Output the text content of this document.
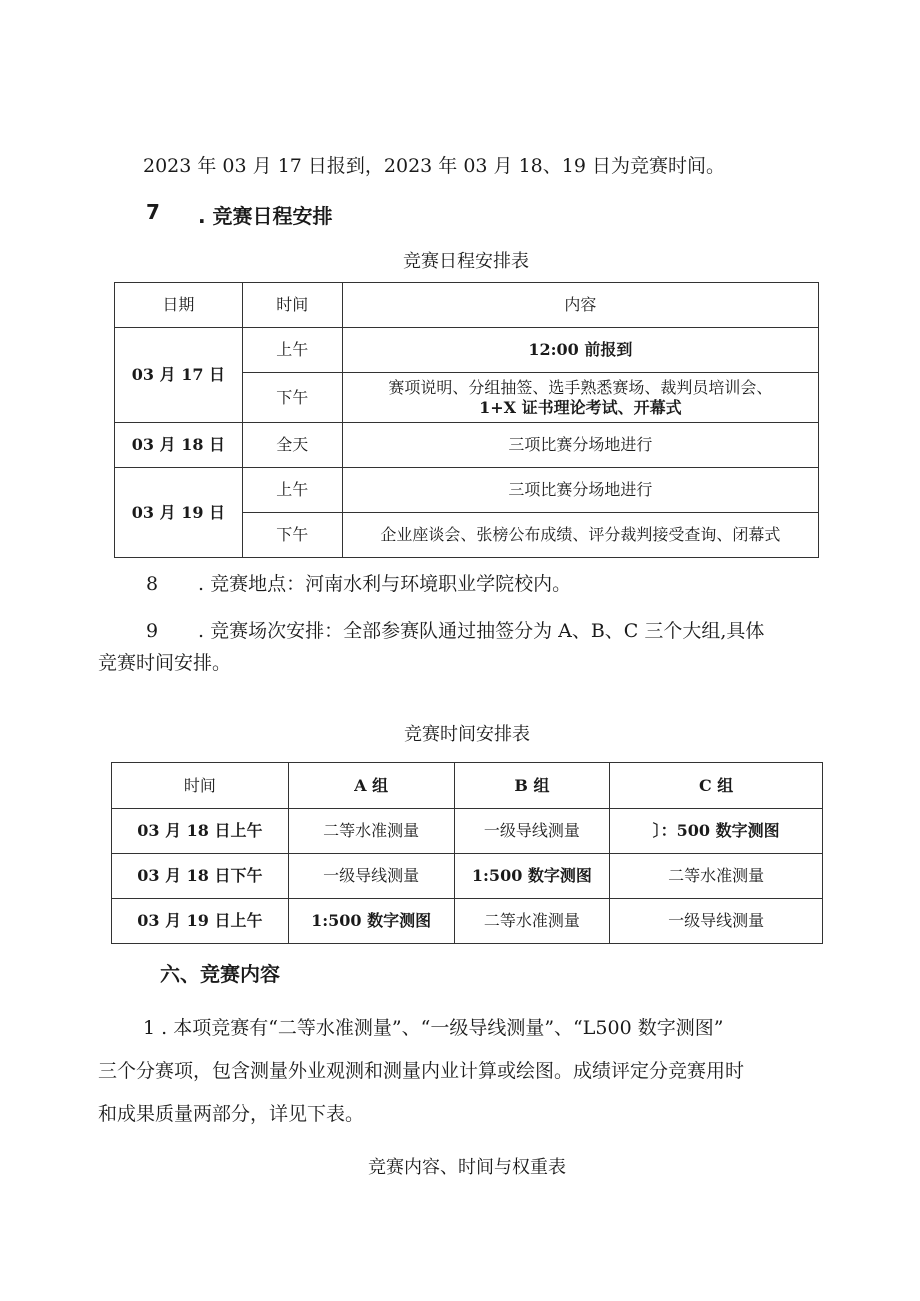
2023 年 03 月 17 日报到，2023 年 03 月 18、19 日为竞赛时间。
7 . 竞赛日程安排
竞赛日程安排表
日期	时间	内容
03 月 17 日	上午	12:00 前报到
	下午	赛项说明、分组抽签、选手熟悉赛场、裁判员培训会、
1+X 证书理论考试、开幕式

03 月 18 日	全天	三项比赛分场地进行
03 月 19 日	上午	三项比赛分场地进行
	下午	企业座谈会、张榜公布成绩、评分裁判接受查询、闭幕式
8 . 竞赛地点：河南水利与环境职业学院校内。
9 . 竞赛场次安排：全部参赛队通过抽签分为 A、B、C 三个大组,具体
竞赛时间安排。
竞赛时间安排表
时间	A 组	B 组	C 组
03 月 18 日上午	二等水准测量	一级导线测量	〕：500 数字测图
03 月 18 日下午	一级导线测量	1:500 数字测图	二等水准测量
03 月 19 日上午	1:500 数字测图	二等水准测量	一级导线测量
六、竞赛内容
1 . 本项竞赛有“二等水准测量”、“一级导线测量”、“L500 数字测图”
三个分赛项，包含测量外业观测和测量内业计算或绘图。成绩评定分竞赛用时
和成果质量两部分，详见下表。
竞赛内容、时间与权重表
